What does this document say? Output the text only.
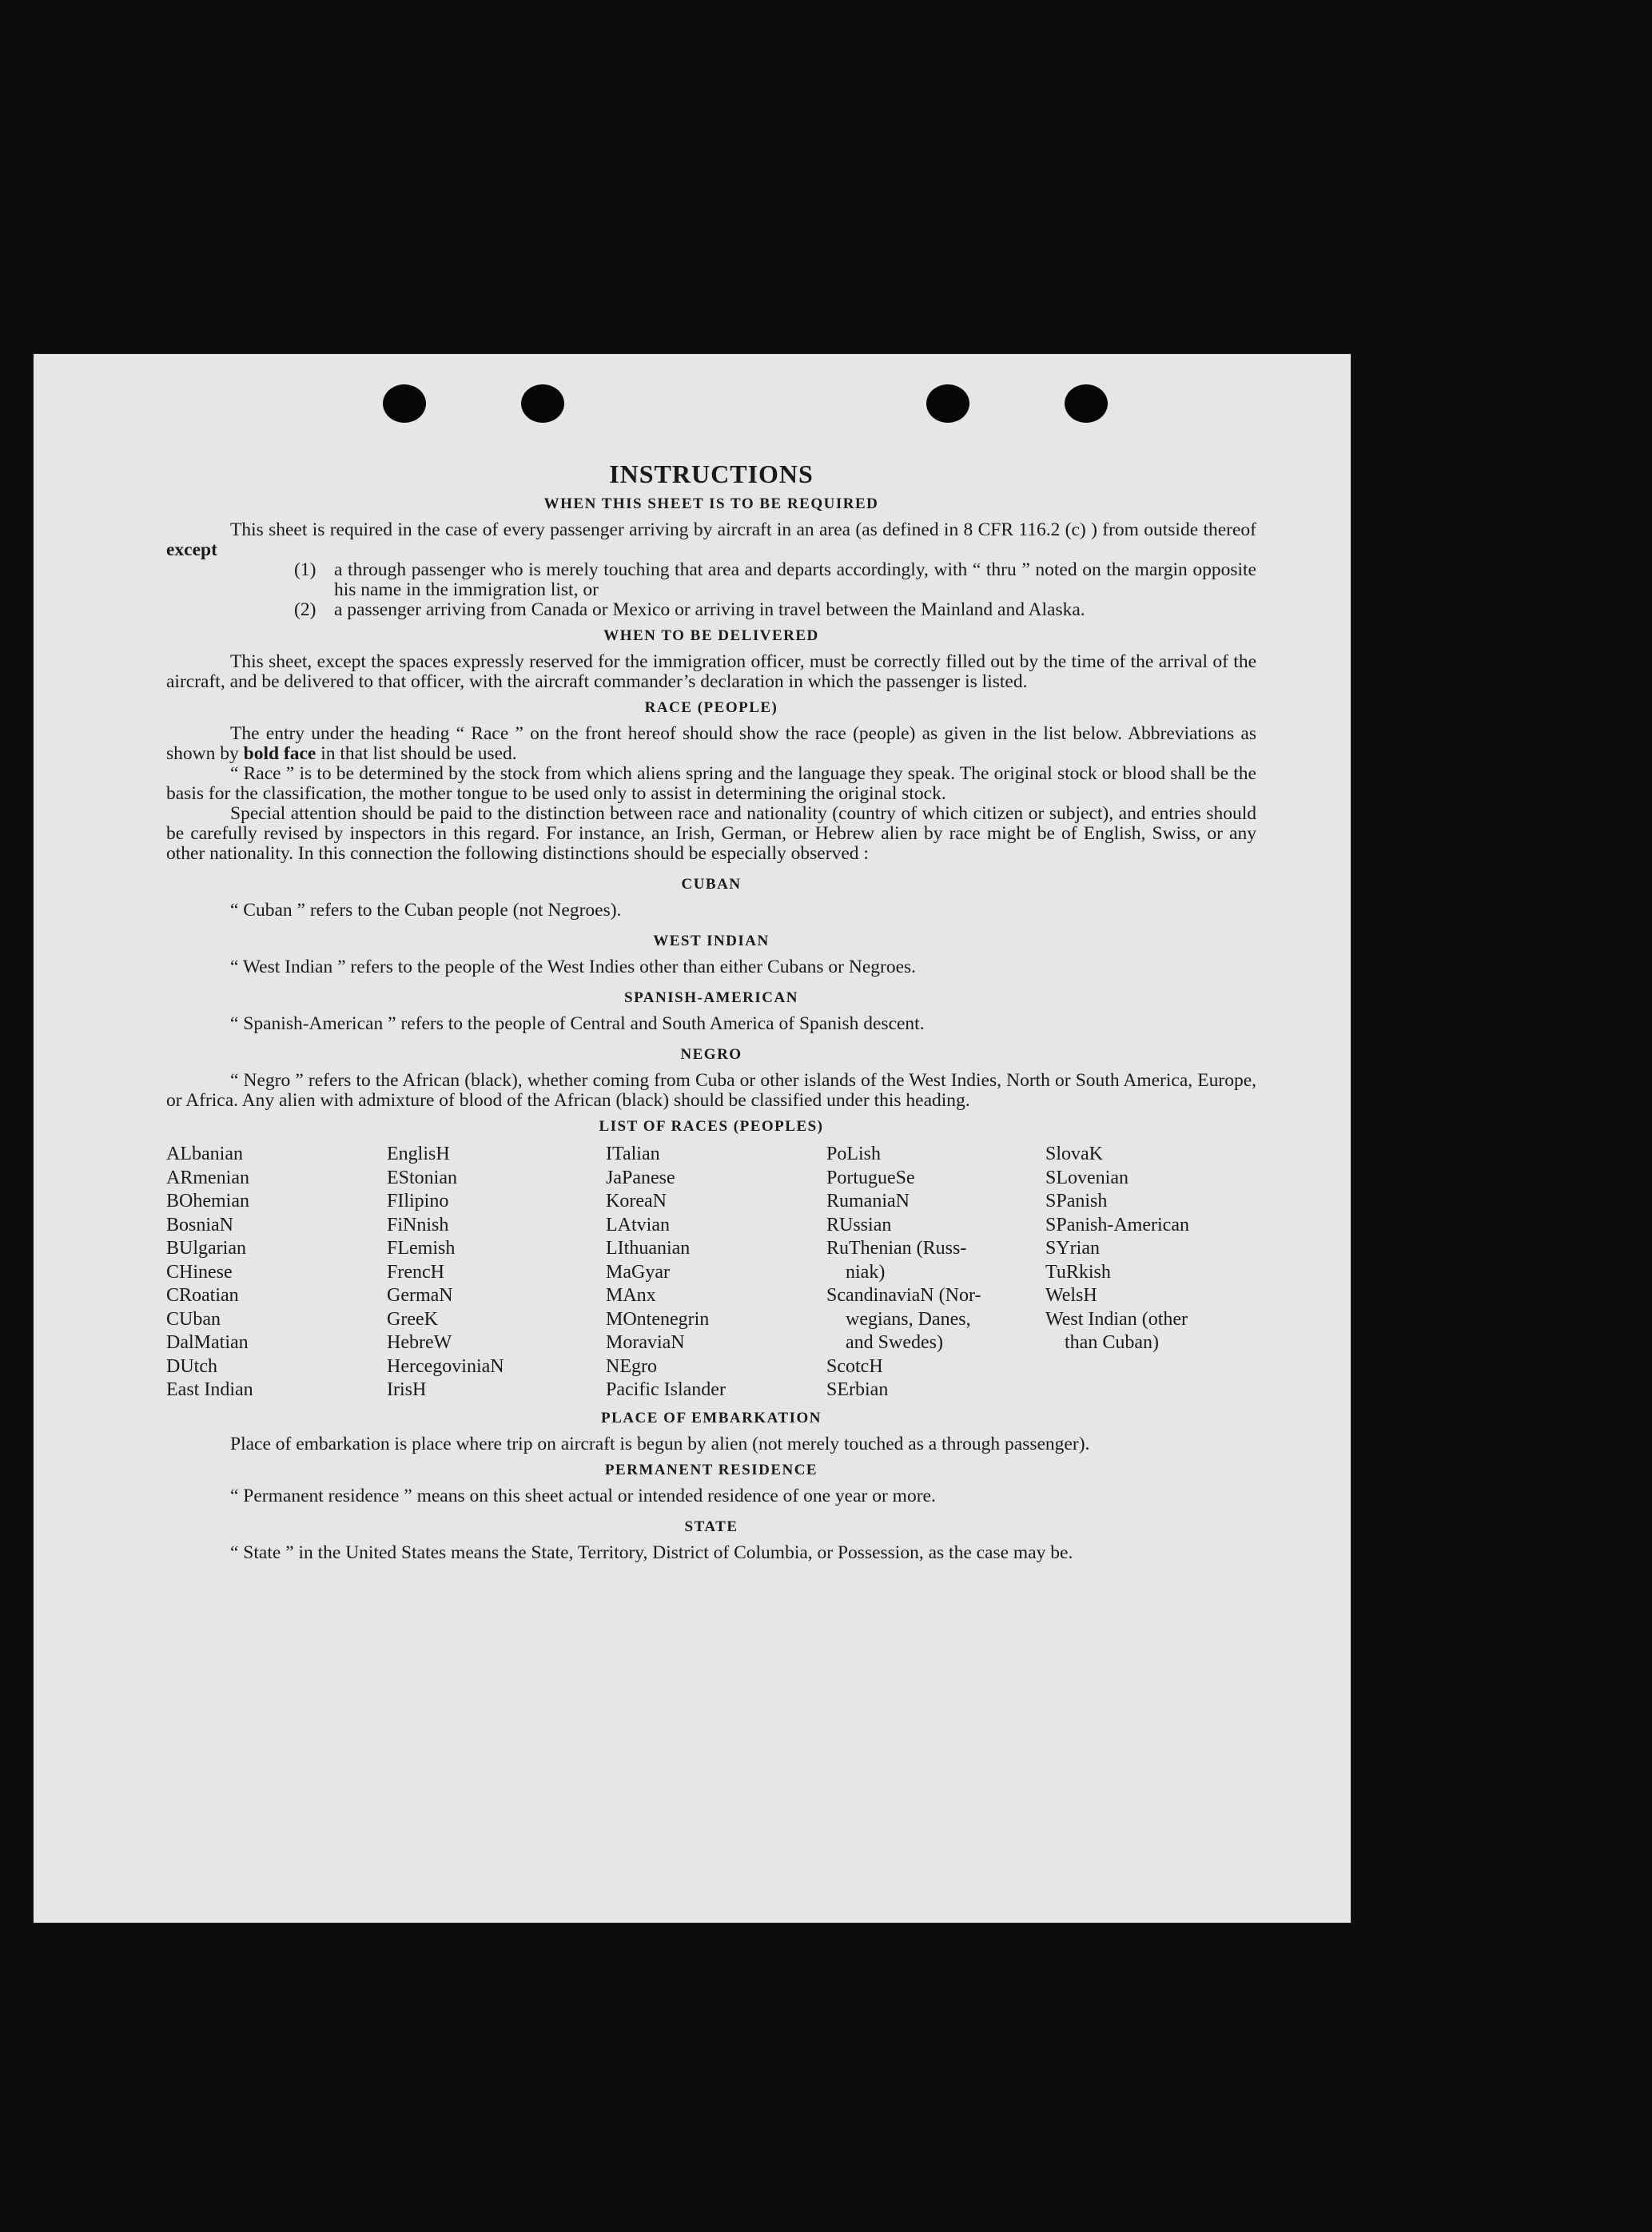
INSTRUCTIONS
WHEN THIS SHEET IS TO BE REQUIRED

This sheet is required in the case of every passenger arriving by aircraft in an area (as defined in 8 CFR 116.2 (c) ) from outside thereof except

(1) a through passenger who is merely touching that area and departs accordingly, with “ thru ” noted on the margin opposite his name in the immigration list, or
(2) a passenger arriving from Canada or Mexico or arriving in travel between the Mainland and Alaska.
WHEN TO BE DELIVERED

This sheet, except the spaces expressly reserved for the immigration officer, must be correctly filled out by the time of the arrival of the aircraft, and be delivered to that officer, with the aircraft commander’s declaration in which the passenger is listed.

RACE (PEOPLE)

The entry under the heading “ Race ” on the front hereof should show the race (people) as given in the list below. Abbreviations as shown by bold face in that list should be used.

“ Race ” is to be determined by the stock from which aliens spring and the language they speak. The original stock or blood shall be the basis for the classification, the mother tongue to be used only to assist in determining the original stock.

Special attention should be paid to the distinction between race and nationality (country of which citizen or subject), and entries should be carefully revised by inspectors in this regard. For instance, an Irish, German, or Hebrew alien by race might be of English, Swiss, or any other nationality. In this connection the following distinctions should be especially observed :

CUBAN
“ Cuban ” refers to the Cuban people (not Negroes).
WEST INDIAN
“ West Indian ” refers to the people of the West Indies other than either Cubans or Negroes.
SPANISH-AMERICAN
“ Spanish-American ” refers to the people of Central and South America of Spanish descent.
NEGRO

“ Negro ” refers to the African (black), whether coming from Cuba or other islands of the West Indies, North or South America, Europe, or Africa. Any alien with admixture of blood of the African (black) should be classified under this heading.

LIST OF RACES (PEOPLES)
ALbanian
ARmenian
BOhemian
BosniaN
BUlgarian
CHinese
CRoatian
CUban
DalMatian
DUtch
East Indian
EnglisH
EStonian
FIlipino
FiNnish
FLemish
FrencH
GermaN
GreeK
HebreW
HercegoviniaN
IrisH
ITalian
JaPanese
KoreaN
LAtvian
LIthuanian
MaGyar
MAnx
MOntenegrin
MoraviaN
NEgro
Pacific Islander
PoLish
PortugueSe
RumaniaN
RUssian
RuThenian (Russ-
niak)
ScandinaviaN (Nor-
wegians, Danes,
and Swedes)
ScotcH
SErbian
SlovaK
SLovenian
SPanish
SPanish-American
SYrian
TuRkish
WelsH
West Indian (other
than Cuban)
PLACE OF EMBARKATION

Place of embarkation is place where trip on aircraft is begun by alien (not merely touched as a through passenger).

PERMANENT RESIDENCE
“ Permanent residence ” means on this sheet actual or intended residence of one year or more.
STATE

“ State ” in the United States means the State, Territory, District of Columbia, or Possession, as the case may be.
